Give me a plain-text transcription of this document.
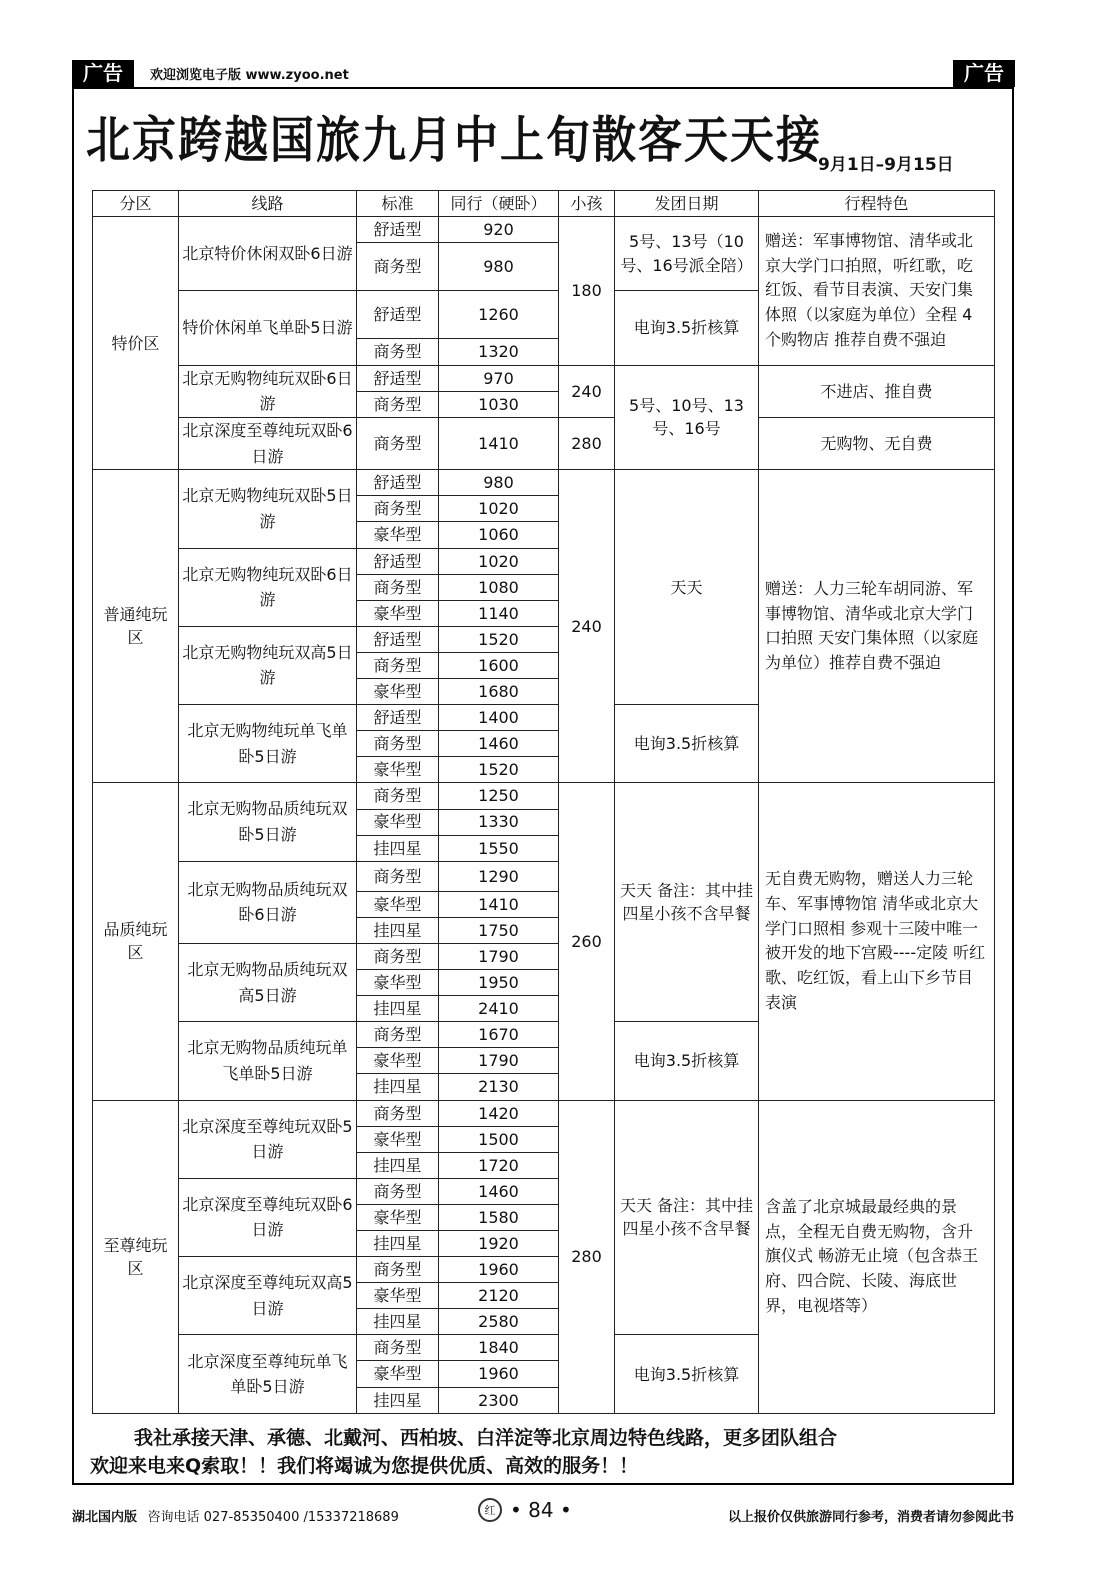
广告	欢迎浏览电子版 www.zyoo.net	广告
北京跨越国旅九月中上旬散客天天接
9月1日–9月15日
分区	线路	标准	同行（硬卧）	小孩	发团日期	行程特色
特价区	北京特价休闲双卧6日游	舒适型	920	180	5号、13号（10号、16号派全陪）	赠送：军事博物馆、清华或北京大学门口拍照，听红歌，吃红饭、看节目表演、天安门集体照（以家庭为单位）全程 4 个购物店 推荐自费不强迫
		商务型	980			
	特价休闲单飞单卧5日游	舒适型	1260		电询3.5折核算	
		商务型	1320			
	北京无购物纯玩双卧6日游	舒适型	970	240	5号、10号、13号、16号	不进店、推自费
		商务型	1030			
	北京深度至尊纯玩双卧6日游	商务型	1410	280		无购物、无自费

普通纯玩区	北京无购物纯玩双卧5日游	舒适型	980	240	天天	赠送：人力三轮车胡同游、军事博物馆、清华或北京大学门口拍照 天安门集体照（以家庭为单位）推荐自费不强迫
		商务型	1020			
		豪华型	1060			
	北京无购物纯玩双卧6日游	舒适型	1020			
		商务型	1080			
		豪华型	1140			
	北京无购物纯玩双高5日游	舒适型	1520			
		商务型	1600			
		豪华型	1680			
	北京无购物纯玩单飞单卧5日游	舒适型	1400		电询3.5折核算	
		商务型	1460			
		豪华型	1520			
品质纯玩区	北京无购物品质纯玩双卧5日游	商务型	1250	260	天天 备注：其中挂四星小孩不含早餐	无自费无购物，赠送人力三轮车、军事博物馆 清华或北京大学门口照相 参观十三陵中唯一被开发的地下宫殿----定陵 听红歌、吃红饭，看上山下乡节目表演
		豪华型	1330			
		挂四星	1550			
	北京无购物品质纯玩双卧6日游	商务型	1290			
		豪华型	1410			
		挂四星	1750			
	北京无购物品质纯玩双高5日游	商务型	1790			
		豪华型	1950			
		挂四星	2410			
	北京无购物品质纯玩单飞单卧5日游	商务型	1670		电询3.5折核算	
		豪华型	1790			
		挂四星	2130			
至尊纯玩区	北京深度至尊纯玩双卧5日游	商务型	1420	280	天天 备注：其中挂四星小孩不含早餐	含盖了北京城最最经典的景点，全程无自费无购物，含升旗仪式 畅游无止境（包含恭王府、四合院、长陵、海底世界，电视塔等）
		豪华型	1500			
		挂四星	1720			
	北京深度至尊纯玩双卧6日游	商务型	1460			
		豪华型	1580			
		挂四星	1920			
	北京深度至尊纯玩双高5日游	商务型	1960			
		豪华型	2120			
		挂四星	2580			
	北京深度至尊纯玩单飞单卧5日游	商务型	1840		电询3.5折核算	
		豪华型	1960			
		挂四星	2300			
我社承接天津、承德、北戴河、西柏坡、白洋淀等北京周边特色线路，更多团队组合
欢迎来电来Q索取！！我们将竭诚为您提供优质、高效的服务！！
湖北国内版 咨询电话 027-85350400 /15337218689	红 • 84 •	以上报价仅供旅游同行参考，消费者请勿参阅此书
